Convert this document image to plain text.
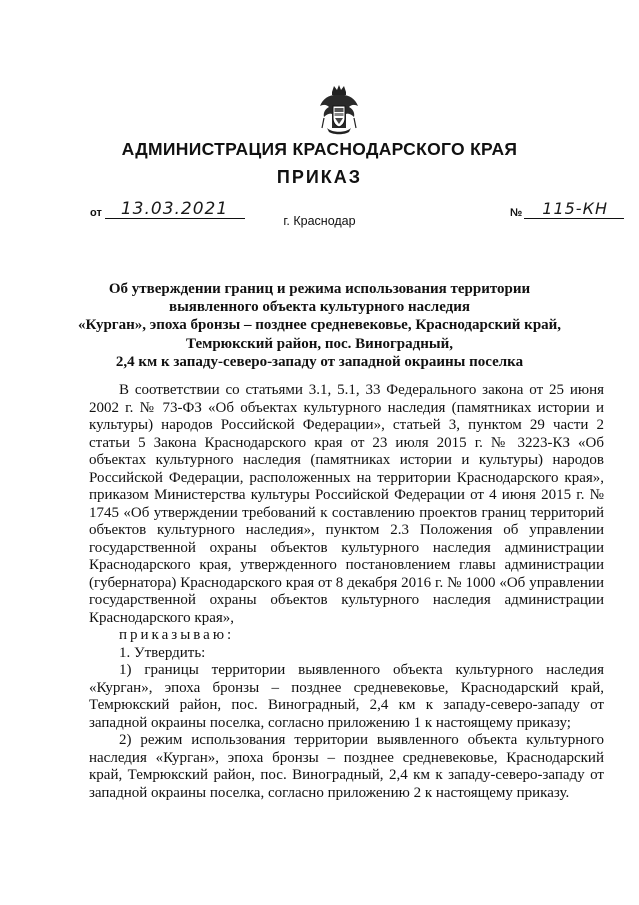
АДМИНИСТРАЦИЯ КРАСНОДАРСКОГО КРАЯ
ПРИКАЗ
от	13.03.2021	№	115-КН
г. Краснодар
Об утверждении границ и режима использования территории
выявленного объекта культурного наследия
«Курган», эпоха бронзы – позднее средневековье, Краснодарский край,
Темрюкский район, пос. Виноградный,
2,4 км к западу-северо-западу от западной окраины поселка

В соответствии со статьями 3.1, 5.1, 33 Федерального закона от 25 июня 2002 г. № 73-ФЗ «Об объектах культурного наследия (памятниках истории и культуры) народов Российской Федерации», статьей 3, пунктом 29 части 2 статьи 5 Закона Краснодарского края от 23 июля 2015 г. № 3223-КЗ «Об объектах культурного наследия (памятниках истории и культуры) народов Российской Федерации, расположенных на территории Краснодарского края», приказом Министерства культуры Российской Федерации от 4 июня 2015 г. № 1745 «Об утверждении требований к составлению проектов границ территорий объектов культурного наследия», пунктом 2.3 Положения об управлении государственной охраны объектов культурного наследия администрации Краснодарского края, утвержденного постановлением главы администрации (губернатора) Краснодарского края от 8 декабря 2016 г. № 1000 «Об управлении государственной охраны объектов культурного наследия администрации Краснодарского края»,

приказываю:

1. Утвердить:

1) границы территории выявленного объекта культурного наследия «Курган», эпоха бронзы – позднее средневековье, Краснодарский край, Темрюкский район, пос. Виноградный, 2,4 км к западу-северо-западу от западной окраины поселка, согласно приложению 1 к настоящему приказу;

2) режим использования территории выявленного объекта культурного наследия «Курган», эпоха бронзы – позднее средневековье, Краснодарский край, Темрюкский район, пос. Виноградный, 2,4 км к западу-северо-западу от западной окраины поселка, согласно приложению 2 к настоящему приказу.
